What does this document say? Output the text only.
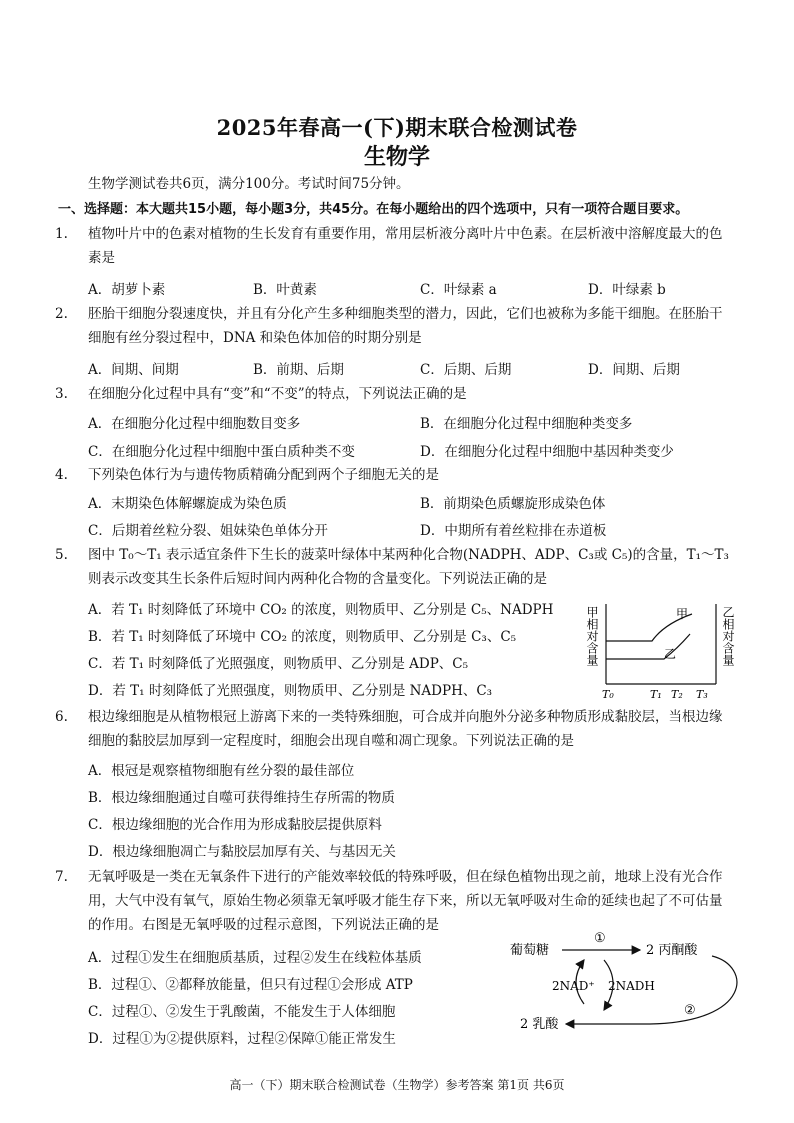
2025年春高一(下)期末联合检测试卷
生物学
生物学测试卷共6页，满分100分。考试时间75分钟。
一、选择题：本大题共15小题，每小题3分，共45分。在每小题给出的四个选项中，只有一项符合题目要求。
1.	植物叶片中的色素对植物的生长发育有重要作用，常用层析液分离叶片中色素。在层析液中溶解度最大的色
素是
A．胡萝卜素	B．叶黄素	C．叶绿素 a	D．叶绿素 b
2.	胚胎干细胞分裂速度快，并且有分化产生多种细胞类型的潜力，因此，它们也被称为多能干细胞。在胚胎干
细胞有丝分裂过程中，DNA 和染色体加倍的时期分别是
A．间期、间期	B．前期、后期	C．后期、后期	D．间期、后期
3.	在细胞分化过程中具有“变”和“不变”的特点，下列说法正确的是
A．在细胞分化过程中细胞数目变多	B．在细胞分化过程中细胞种类变多
C．在细胞分化过程中细胞中蛋白质种类不变	D．在细胞分化过程中细胞中基因种类变少
4.	下列染色体行为与遗传物质精确分配到两个子细胞无关的是
A．末期染色体解螺旋成为染色质	B．前期染色质螺旋形成染色体
C．后期着丝粒分裂、姐妹染色单体分开	D．中期所有着丝粒排在赤道板
5.	图中 T₀～T₁ 表示适宜条件下生长的菠菜叶绿体中某两种化合物(NADPH、ADP、C₃或 C₅)的含量，T₁～T₃
则表示改变其生长条件后短时间内两种化合物的含量变化。下列说法正确的是
A．若 T₁ 时刻降低了环境中 CO₂ 的浓度，则物质甲、乙分别是 C₅、NADPH
B．若 T₁ 时刻降低了环境中 CO₂ 的浓度，则物质甲、乙分别是 C₃、C₅
C．若 T₁ 时刻降低了光照强度，则物质甲、乙分别是 ADP、C₅
D．若 T₁ 时刻降低了光照强度，则物质甲、乙分别是 NADPH、C₃
甲相对含量	乙相对含量
甲
乙
T₀	T₁ T₂ T₃
6.	根边缘细胞是从植物根冠上游离下来的一类特殊细胞，可合成并向胞外分泌多种物质形成黏胶层，当根边缘
细胞的黏胶层加厚到一定程度时，细胞会出现自噬和凋亡现象。下列说法正确的是
A．根冠是观察植物细胞有丝分裂的最佳部位
B．根边缘细胞通过自噬可获得维持生存所需的物质
C．根边缘细胞的光合作用为形成黏胶层提供原料
D．根边缘细胞凋亡与黏胶层加厚有关、与基因无关
7.	无氧呼吸是一类在无氧条件下进行的产能效率较低的特殊呼吸，但在绿色植物出现之前，地球上没有光合作
用，大气中没有氧气，原始生物必须靠无氧呼吸才能生存下来，所以无氧呼吸对生命的延续也起了不可估量
的作用。右图是无氧呼吸的过程示意图，下列说法正确的是
A．过程①发生在细胞质基质，过程②发生在线粒体基质
B．过程①、②都释放能量，但只有过程①会形成 ATP
C．过程①、②发生于乳酸菌，不能发生于人体细胞
D．过程①为②提供原料，过程②保障①能正常发生
葡萄糖
①
2 丙酮酸
2NAD⁺ 2NADH
②
2 乳酸
高一（下）期末联合检测试卷（生物学）参考答案 第1页 共6页
